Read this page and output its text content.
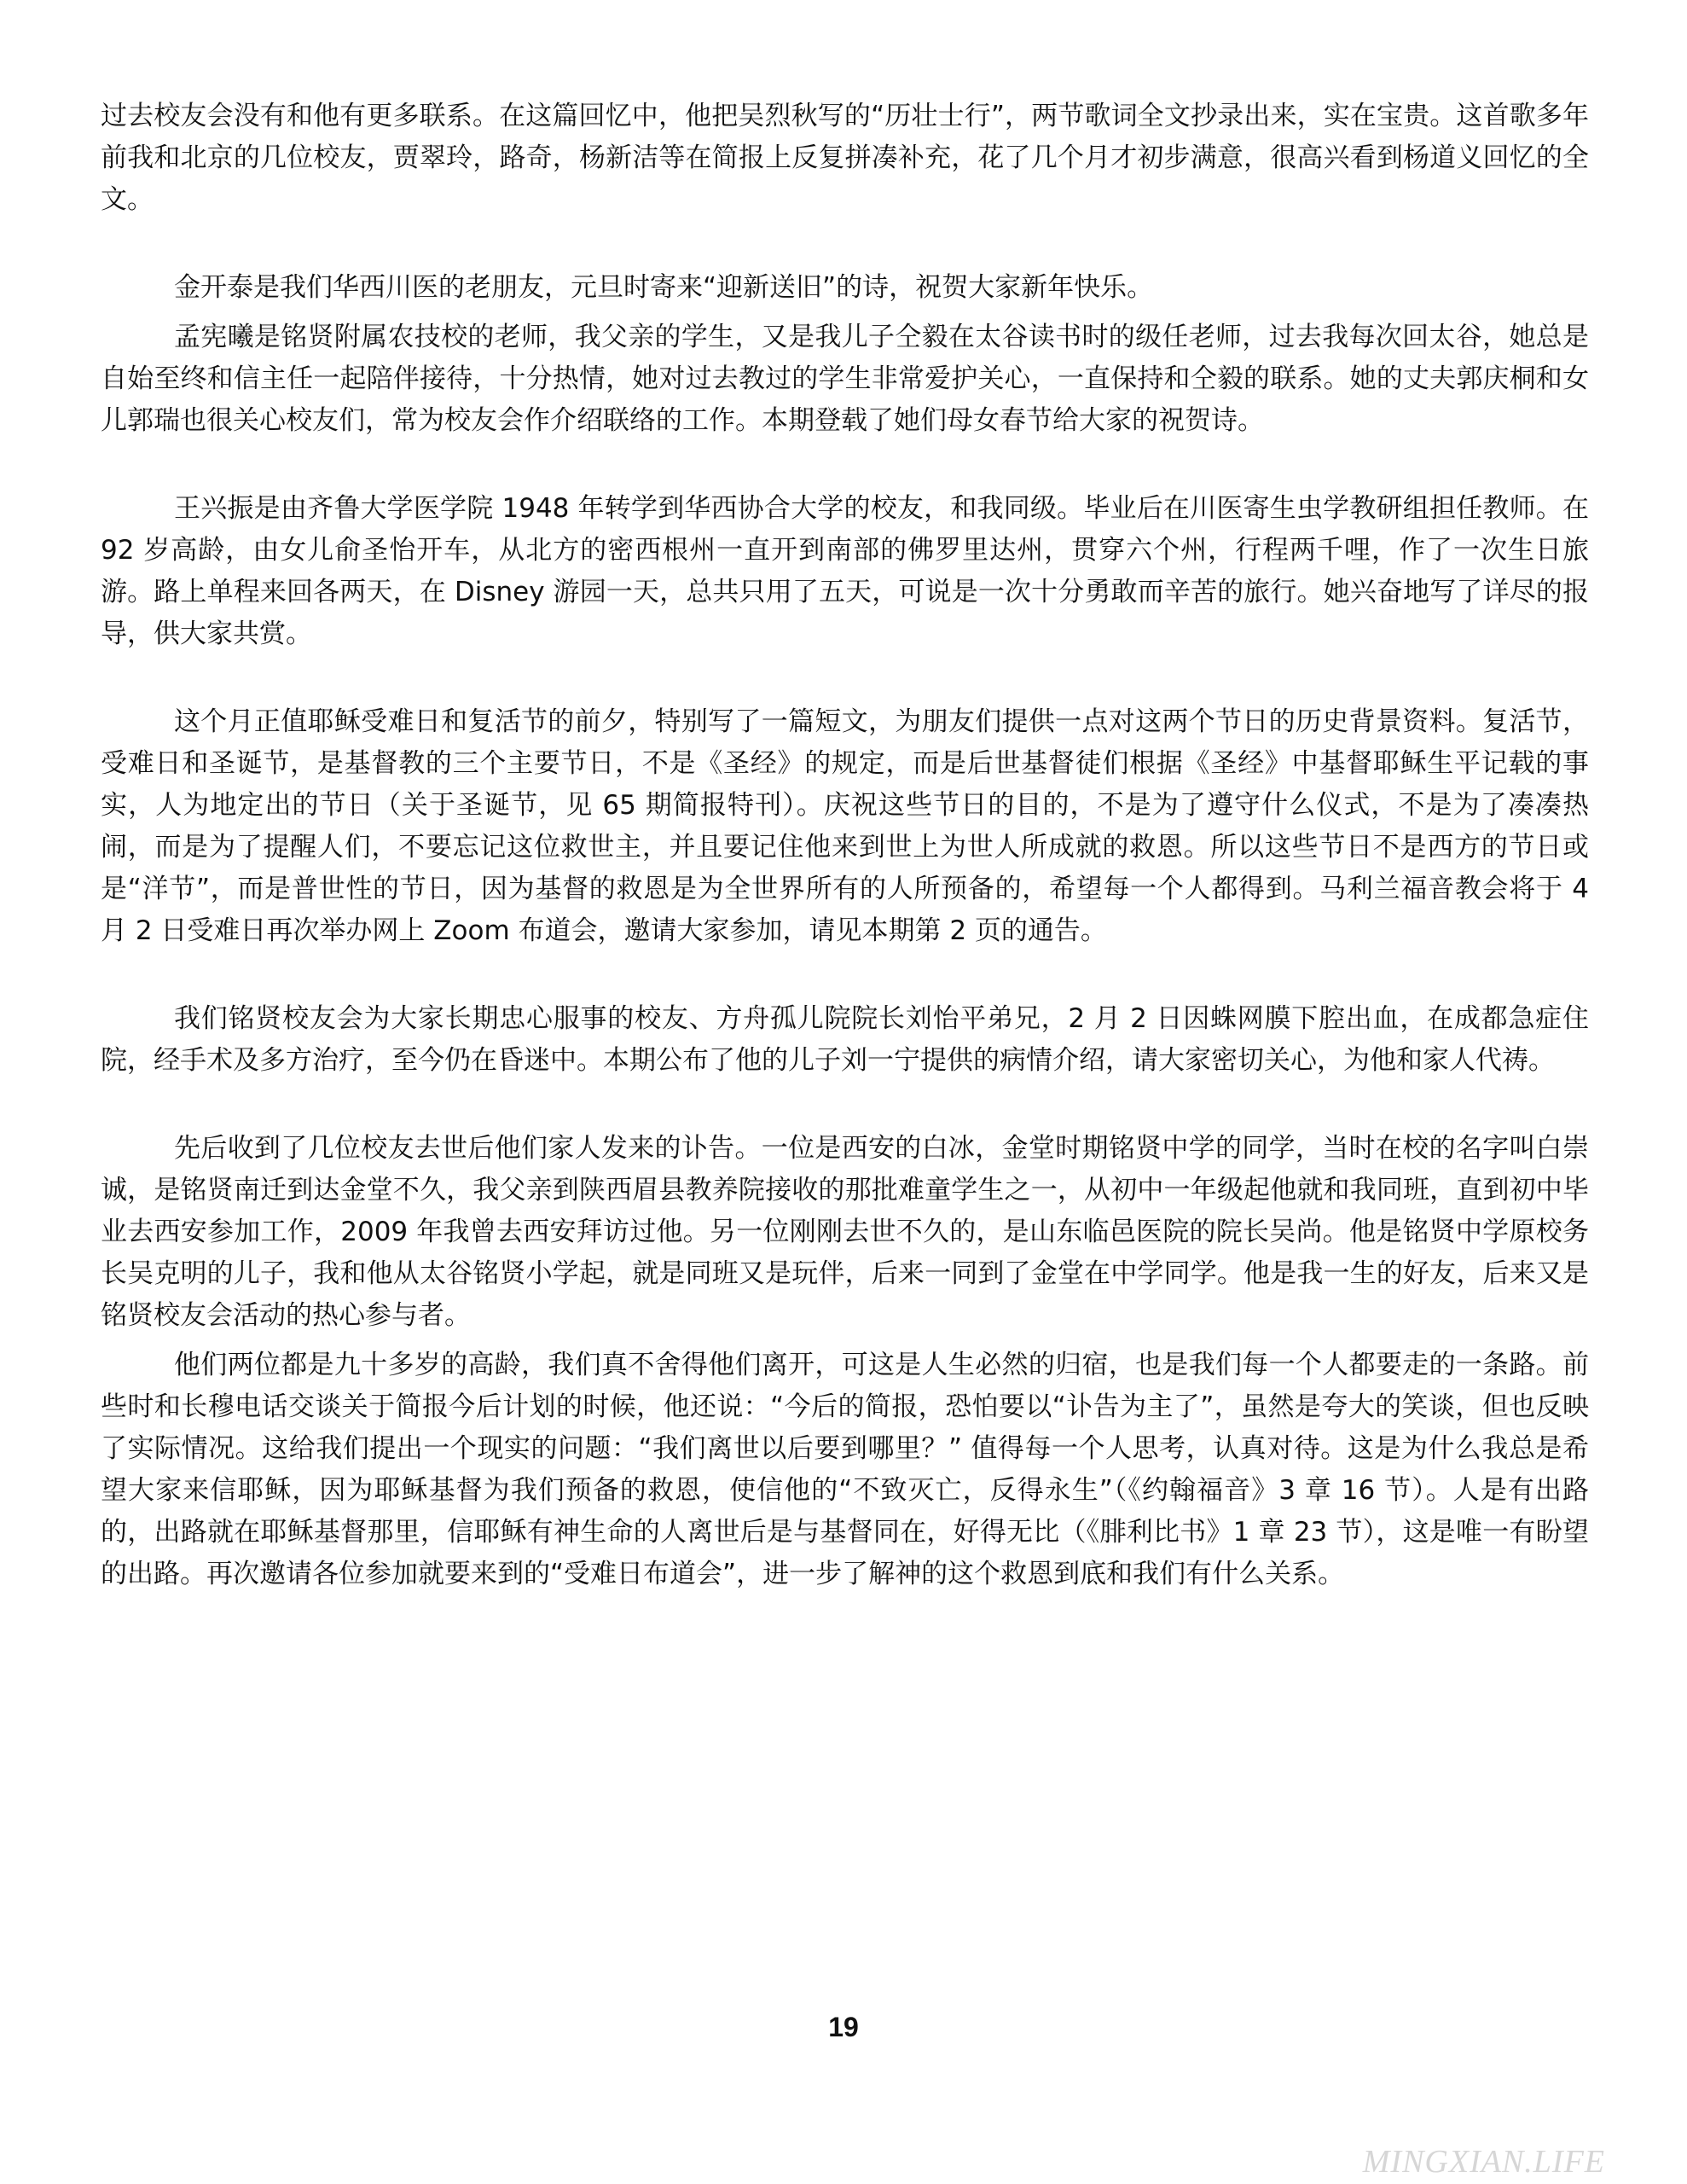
过去校友会没有和他有更多联系。在这篇回忆中，他把吴烈秋写的“历壮士行”，两节歌词全文抄录出来，实在宝贵。这首歌多年前我和北京的几位校友，贾翠玲，路奇，杨新洁等在简报上反复拼凑补充，花了几个月才初步满意，很高兴看到杨道义回忆的全文。

金开泰是我们华西川医的老朋友，元旦时寄来“迎新送旧”的诗，祝贺大家新年快乐。

孟宪曦是铭贤附属农技校的老师，我父亲的学生，又是我儿子仝毅在太谷读书时的级任老师，过去我每次回太谷，她总是自始至终和信主任一起陪伴接待，十分热情，她对过去教过的学生非常爱护关心，一直保持和仝毅的联系。她的丈夫郭庆桐和女儿郭瑞也很关心校友们，常为校友会作介绍联络的工作。本期登载了她们母女春节给大家的祝贺诗。

王兴振是由齐鲁大学医学院 1948 年转学到华西协合大学的校友，和我同级。毕业后在川医寄生虫学教研组担任教师。在 92 岁高龄，由女儿俞圣怡开车，从北方的密西根州一直开到南部的佛罗里达州，贯穿六个州，行程两千哩，作了一次生日旅游。路上单程来回各两天，在 Disney 游园一天，总共只用了五天，可说是一次十分勇敢而辛苦的旅行。她兴奋地写了详尽的报导，供大家共赏。

这个月正值耶稣受难日和复活节的前夕，特别写了一篇短文，为朋友们提供一点对这两个节日的历史背景资料。复活节，受难日和圣诞节，是基督教的三个主要节日，不是《圣经》的规定，而是后世基督徒们根据《圣经》中基督耶稣生平记载的事实，人为地定出的节日（关于圣诞节，见 65 期简报特刊）。庆祝这些节日的目的，不是为了遵守什么仪式，不是为了凑凑热闹，而是为了提醒人们，不要忘记这位救世主，并且要记住他来到世上为世人所成就的救恩。所以这些节日不是西方的节日或是“洋节”，而是普世性的节日，因为基督的救恩是为全世界所有的人所预备的，希望每一个人都得到。马利兰福音教会将于 4 月 2 日受难日再次举办网上 Zoom 布道会，邀请大家参加，请见本期第 2 页的通告。

我们铭贤校友会为大家长期忠心服事的校友、方舟孤儿院院长刘怡平弟兄，2 月 2 日因蛛网膜下腔出血，在成都急症住院，经手术及多方治疗，至今仍在昏迷中。本期公布了他的儿子刘一宁提供的病情介绍，请大家密切关心，为他和家人代祷。

先后收到了几位校友去世后他们家人发来的讣告。一位是西安的白冰，金堂时期铭贤中学的同学，当时在校的名字叫白崇诚，是铭贤南迁到达金堂不久，我父亲到陕西眉县教养院接收的那批难童学生之一，从初中一年级起他就和我同班，直到初中毕业去西安参加工作，2009 年我曾去西安拜访过他。另一位刚刚去世不久的，是山东临邑医院的院长吴尚。他是铭贤中学原校务长吴克明的儿子，我和他从太谷铭贤小学起，就是同班又是玩伴，后来一同到了金堂在中学同学。他是我一生的好友，后来又是铭贤校友会活动的热心参与者。

他们两位都是九十多岁的高龄，我们真不舍得他们离开，可这是人生必然的归宿，也是我们每一个人都要走的一条路。前些时和长穆电话交谈关于简报今后计划的时候，他还说：“今后的简报，恐怕要以“讣告为主了”，虽然是夸大的笑谈，但也反映了实际情况。这给我们提出一个现实的问题：“我们离世以后要到哪里？” 值得每一个人思考，认真对待。这是为什么我总是希望大家来信耶稣，因为耶稣基督为我们预备的救恩，使信他的“不致灭亡，反得永生”（《约翰福音》3 章 16 节）。人是有出路的，出路就在耶稣基督那里，信耶稣有神生命的人离世后是与基督同在，好得无比（《腓利比书》1 章 23 节），这是唯一有盼望的出路。再次邀请各位参加就要来到的“受难日布道会”，进一步了解神的这个救恩到底和我们有什么关系。

19
MINGXIAN.LIFE
